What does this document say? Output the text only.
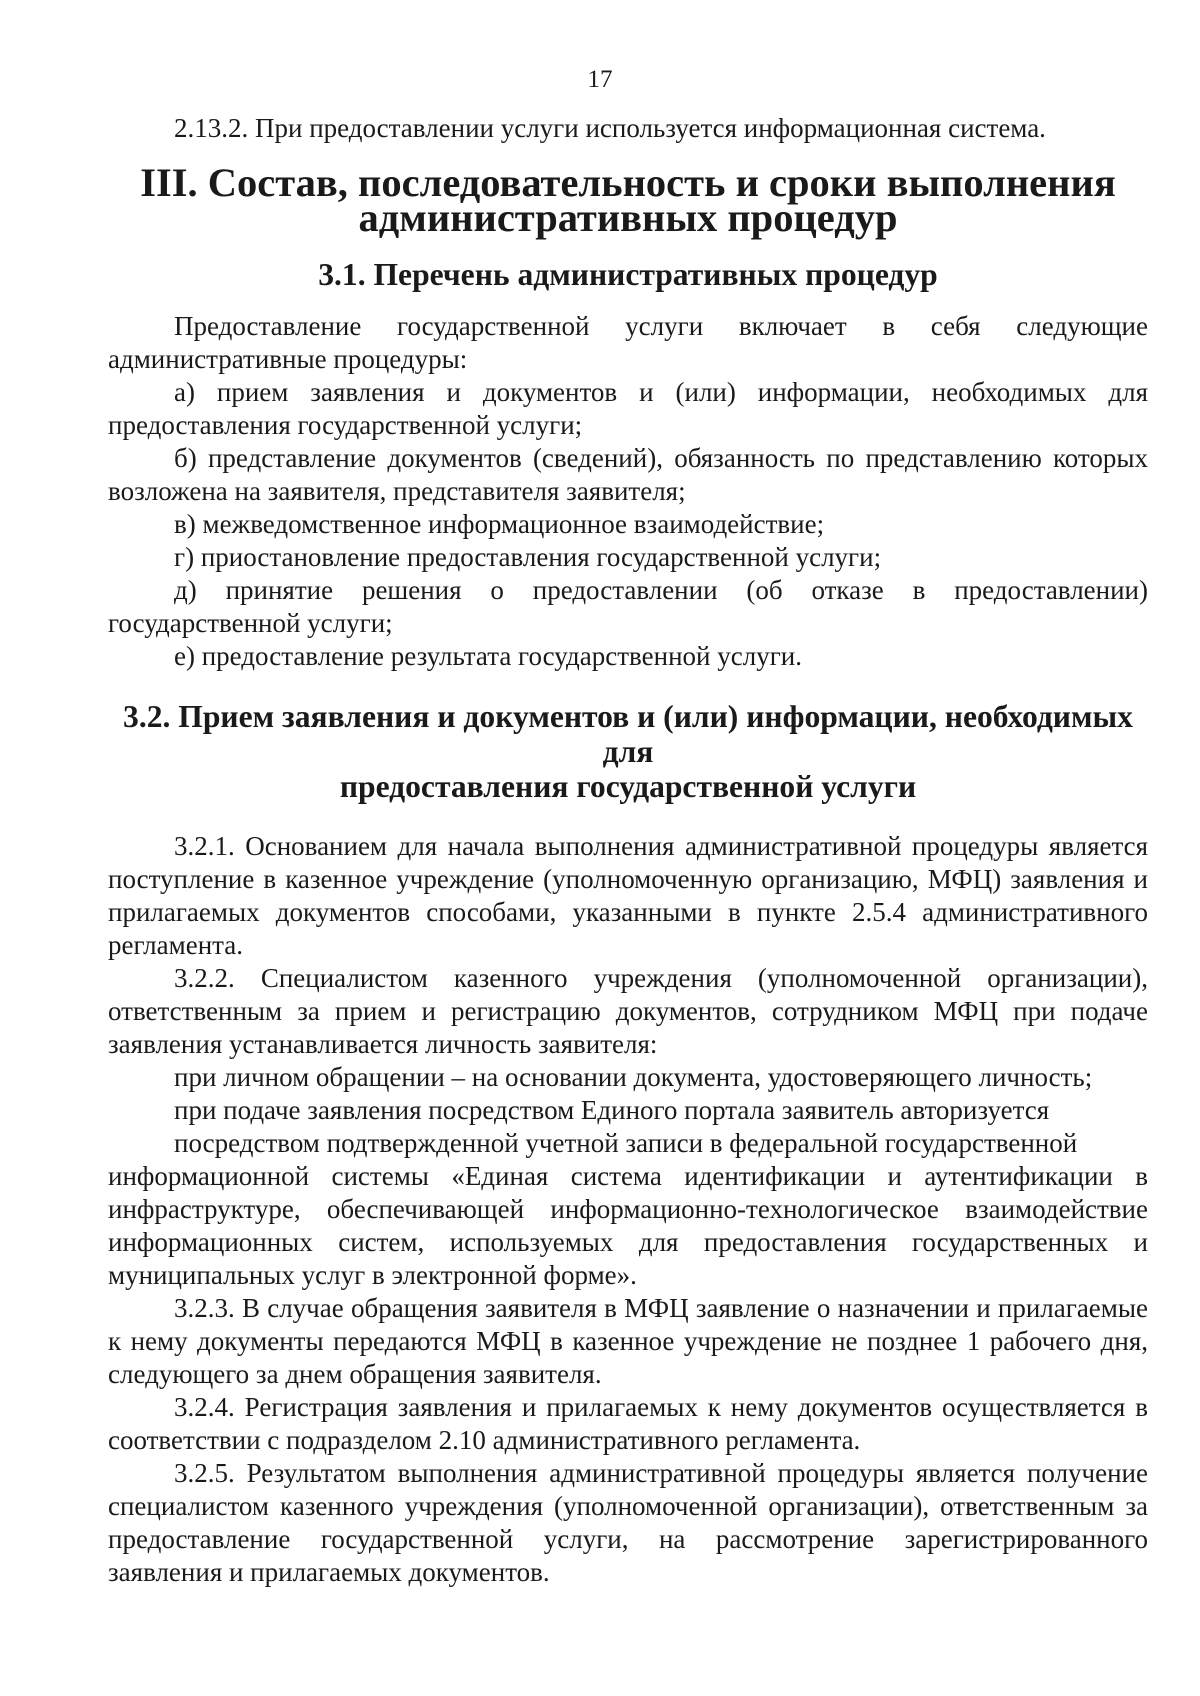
17

2.13.2. При предоставлении услуги используется информационная система.

III. Состав, последовательность и сроки выполнения
административных процедур
3.1. Перечень административных процедур

Предоставление государственной услуги включает в себя следующие административные процедуры:

а) прием заявления и документов и (или) информации, необходимых для предоставления государственной услуги;

б) представление документов (сведений), обязанность по представлению которых возложена на заявителя, представителя заявителя;

в) межведомственное информационное взаимодействие;

г) приостановление предоставления государственной услуги;

д) принятие решения о предоставлении (об отказе в предоставлении) государственной услуги;

е) предоставление результата государственной услуги.

3.2. Прием заявления и документов и (или) информации, необходимых для
предоставления государственной услуги

3.2.1. Основанием для начала выполнения административной процедуры является поступление в казенное учреждение (уполномоченную организацию, МФЦ) заявления и прилагаемых документов способами, указанными в пункте 2.5.4 административного регламента.

3.2.2. Специалистом казенного учреждения (уполномоченной организации), ответственным за прием и регистрацию документов, сотрудником МФЦ при подаче заявления устанавливается личность заявителя:

при личном обращении – на основании документа, удостоверяющего личность;

при подаче заявления посредством Единого портала заявитель авторизуется

посредством подтвержденной учетной записи в федеральной государственной

информационной системы «Единая система идентификации и аутентификации в инфраструктуре, обеспечивающей информационно-технологическое взаимодействие информационных систем, используемых для предоставления государственных и муниципальных услуг в электронной форме».

3.2.3. В случае обращения заявителя в МФЦ заявление о назначении и прилагаемые к нему документы передаются МФЦ в казенное учреждение не позднее 1 рабочего дня, следующего за днем обращения заявителя.

3.2.4. Регистрация заявления и прилагаемых к нему документов осуществляется в соответствии с подразделом 2.10 административного регламента.

3.2.5. Результатом выполнения административной процедуры является получение специалистом казенного учреждения (уполномоченной организации), ответственным за предоставление государственной услуги, на рассмотрение зарегистрированного заявления и прилагаемых документов.
